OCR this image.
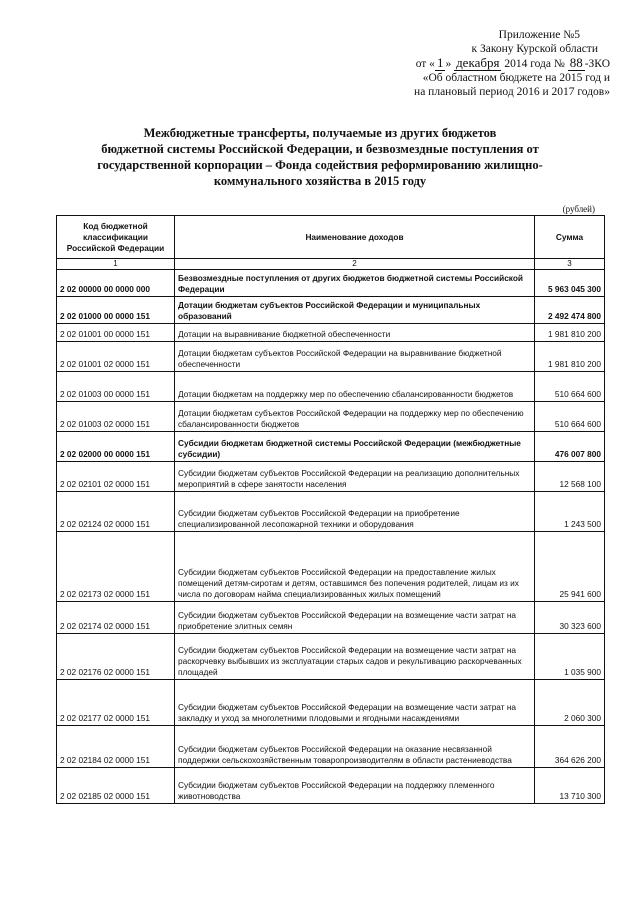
Приложение №5
к Закону Курской области
от « 1 » декабря 2014 года № 88 -ЗКО
«Об областном бюджете на 2015 год и
на плановый период 2016 и 2017 годов»
Межбюджетные трансферты, получаемые из других бюджетов
бюджетной системы Российской Федерации, и безвозмездные поступления от
государственной корпорации – Фонда содействия реформированию жилищно-
коммунального хозяйства в 2015 году
(рублей)
Код бюджетной классификации Российской Федерации	Наименование доходов	Сумма
1	2	3
2 02 00000 00 0000 000	Безвозмездные поступления от других бюджетов бюджетной системы Российской Федерации	5 963 045 300
2 02 01000 00 0000 151	Дотации бюджетам субъектов Российской Федерации и муниципальных образований	2 492 474 800
2 02 01001 00 0000 151	Дотации на выравнивание бюджетной обеспеченности	1 981 810 200
2 02 01001 02 0000 151	Дотации бюджетам субъектов Российской Федерации на выравнивание бюджетной обеспеченности	1 981 810 200
2 02 01003 00 0000 151	Дотации бюджетам на поддержку мер по обеспечению сбалансированности бюджетов	510 664 600
2 02 01003 02 0000 151	Дотации бюджетам субъектов Российской Федерации на поддержку мер по обеспечению сбалансированности бюджетов	510 664 600
2 02 02000 00 0000 151	Субсидии бюджетам бюджетной системы Российской Федерации (межбюджетные субсидии)	476 007 800
2 02 02101 02 0000 151	Субсидии бюджетам субъектов Российской Федерации на реализацию дополнительных мероприятий в сфере занятости населения	12 568 100
2 02 02124 02 0000 151	Субсидии бюджетам субъектов Российской Федерации на приобретение специализированной лесопожарной техники и оборудования	1 243 500
2 02 02173 02 0000 151	Субсидии бюджетам субъектов Российской Федерации на предоставление жилых помещений детям-сиротам и детям, оставшимся без попечения родителей, лицам из их числа по договорам найма специализированных жилых помещений	25 941 600
2 02 02174 02 0000 151	Субсидии бюджетам субъектов Российской Федерации на возмещение части затрат на приобретение элитных семян	30 323 600
2 02 02176 02 0000 151	Субсидии бюджетам субъектов Российской Федерации на возмещение части затрат на раскорчевку выбывших из эксплуатации старых садов и рекультивацию раскорчеванных площадей	1 035 900
2 02 02177 02 0000 151	Субсидии бюджетам субъектов Российской Федерации на возмещение части затрат на закладку и уход за многолетними плодовыми и ягодными насаждениями	2 060 300
2 02 02184 02 0000 151	Субсидии бюджетам субъектов Российской Федерации на оказание несвязанной поддержки сельскохозяйственным товаропроизводителям в области растениеводства	364 626 200
2 02 02185 02 0000 151	Субсидии бюджетам субъектов Российской Федерации на поддержку племенного животноводства	13 710 300
